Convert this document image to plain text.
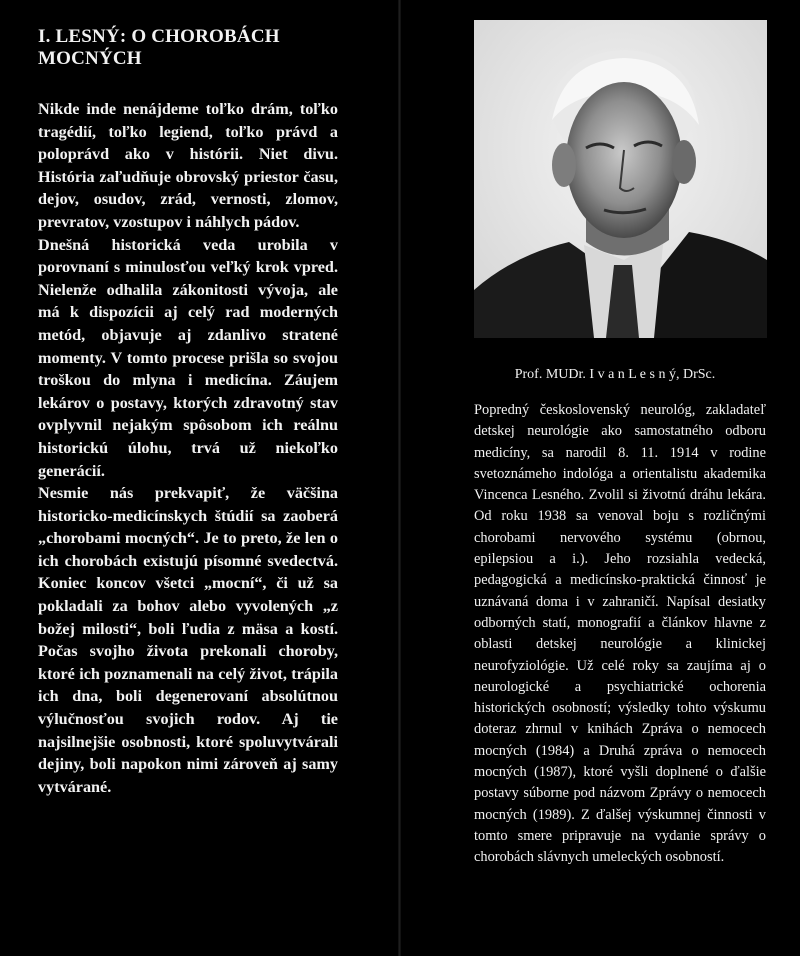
I. LESNÝ: O CHOROBÁCH MOCNÝCH

Nikde inde nenájdeme toľko drám, toľko tragédií, toľko legiend, toľko právd a poloprávd ako v histórii. Niet divu. História zaľudňuje obrovský priestor času, dejov, osudov, zrád, vernosti, zlomov, prevratov, vzostupov i náhlych pádov.

Dnešná historická veda urobila v porovnaní s minulosťou veľký krok vpred. Nielenže odhalila zákonitosti vývoja, ale má k dispozícii aj celý rad moderných metód, objavuje aj zdanlivo stratené momenty. V tomto procese prišla so svojou troškou do mlyna i medicína. Záujem lekárov o postavy, ktorých zdravotný stav ovplyvnil nejakým spôsobom ich reálnu historickú úlohu, trvá už niekoľko generácií.

Nesmie nás prekvapiť, že väčšina historicko-medicínskych štúdií sa zaoberá „chorobami mocných“. Je to preto, že len o ich chorobách existujú písomné svedectvá. Koniec koncov všetci „mocní“, či už sa pokladali za bohov alebo vyvolených „z božej milosti“, boli ľudia z mäsa a kostí. Počas svojho života prekonali choroby, ktoré ich poznamenali na celý život, trápila ich dna, boli degenerovaní absolútnou výlučnosťou svojich rodov. Aj tie najsilnejšie osobnosti, ktoré spoluvytvárali dejiny, boli napokon nimi zároveň aj samy vytvárané.

Prof. MUDr. I v a n L e s n ý, DrSc.
Popredný československý neurológ, zakladateľ detskej neurológie ako samostatného odboru medicíny, sa narodil 8. 11. 1914 v rodine svetoznámeho indológa a orientalistu akademika Vincenca Lesného. Zvolil si životnú dráhu lekára. Od roku 1938 sa venoval boju s rozličnými chorobami nervového systému (obrnou, epilepsiou a i.). Jeho rozsiahla vedecká, pedagogická a medicínsko-praktická činnosť je uznávaná doma i v zahraničí. Napísal desiatky odborných statí, monografií a článkov hlavne z oblasti detskej neurológie a klinickej neurofyziológie. Už celé roky sa zaujíma aj o neurologické a psychiatrické ochorenia historických osobností; výsledky tohto výskumu doteraz zhrnul v knihách Zpráva o nemocech mocných (1984) a Druhá zpráva o nemocech mocných (1987), ktoré vyšli doplnené o ďalšie postavy súborne pod názvom Zprávy o nemocech mocných (1989). Z ďalšej výskumnej činnosti v tomto smere pripravuje na vydanie správy o chorobách slávnych umeleckých osobností.
